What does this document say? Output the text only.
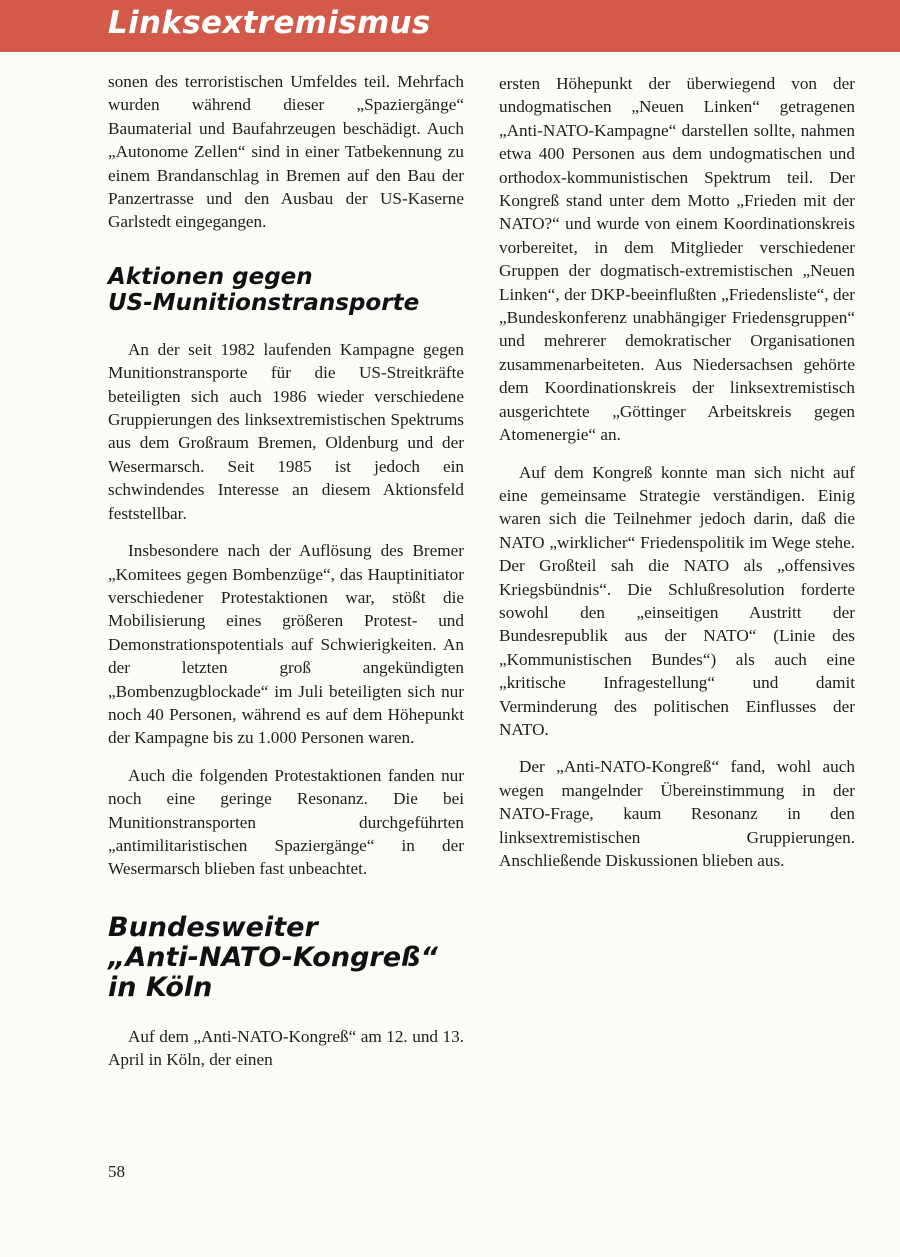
Linksextremismus

sonen des terroristischen Umfeldes teil. Mehrfach wurden während dieser „Spaziergänge“ Baumaterial und Baufahrzeugen beschädigt. Auch „Autonome Zellen“ sind in einer Tatbekennung zu einem Brandanschlag in Bremen auf den Bau der Panzertrasse und den Ausbau der US-Kaserne Garlstedt eingegangen.

Aktionen gegen
US-Munitionstransporte

An der seit 1982 laufenden Kampagne gegen Munitionstransporte für die US-Streitkräfte beteiligten sich auch 1986 wieder verschiedene Gruppierungen des linksextremistischen Spektrums aus dem Großraum Bremen, Oldenburg und der Wesermarsch. Seit 1985 ist jedoch ein schwindendes Interesse an diesem Aktionsfeld feststellbar.

Insbesondere nach der Auflösung des Bremer „Komitees gegen Bombenzüge“, das Hauptinitiator verschiedener Protestaktionen war, stößt die Mobilisierung eines größeren Protest- und Demonstrationspotentials auf Schwierigkeiten. An der letzten groß angekündigten „Bombenzugblockade“ im Juli beteiligten sich nur noch 40 Personen, während es auf dem Höhepunkt der Kampagne bis zu 1.000 Personen waren.

Auch die folgenden Protestaktionen fanden nur noch eine geringe Resonanz. Die bei Munitionstransporten durchgeführten „antimilitaristischen Spaziergänge“ in der Wesermarsch blieben fast unbeachtet.

Bundesweiter
„Anti-NATO-Kongreß“
in Köln

Auf dem „Anti-NATO-Kongreß“ am 12. und 13. April in Köln, der einen

ersten Höhepunkt der überwiegend von der undogmatischen „Neuen Linken“ getragenen „Anti-NATO-Kampagne“ darstellen sollte, nahmen etwa 400 Personen aus dem undogmatischen und orthodox-kommunistischen Spektrum teil. Der Kongreß stand unter dem Motto „Frieden mit der NATO?“ und wurde von einem Koordinationskreis vorbereitet, in dem Mitglieder verschiedener Gruppen der dogmatisch-extremistischen „Neuen Linken“, der DKP-beeinflußten „Friedensliste“, der „Bundeskonferenz unabhängiger Friedensgruppen“ und mehrerer demokratischer Organisationen zusammenarbeiteten. Aus Niedersachsen gehörte dem Koordinationskreis der linksextremistisch ausgerichtete „Göttinger Arbeitskreis gegen Atomenergie“ an.

Auf dem Kongreß konnte man sich nicht auf eine gemeinsame Strategie verständigen. Einig waren sich die Teilnehmer jedoch darin, daß die NATO „wirklicher“ Friedenspolitik im Wege stehe. Der Großteil sah die NATO als „offensives Kriegsbündnis“. Die Schlußresolution forderte sowohl den „einseitigen Austritt der Bundesrepublik aus der NATO“ (Linie des „Kommunistischen Bundes“) als auch eine „kritische Infragestellung“ und damit Verminderung des politischen Einflusses der NATO.

Der „Anti-NATO-Kongreß“ fand, wohl auch wegen mangelnder Übereinstimmung in der NATO-Frage, kaum Resonanz in den linksextremistischen Gruppierungen. Anschließende Diskussionen blieben aus.

58
